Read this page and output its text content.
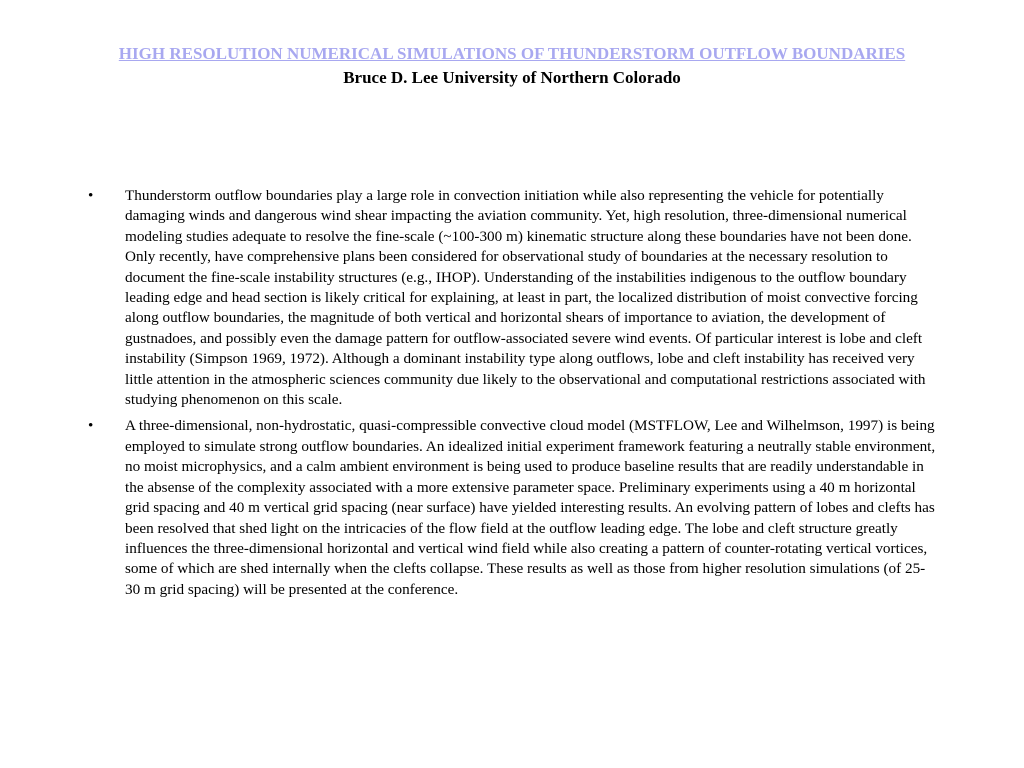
HIGH RESOLUTION NUMERICAL SIMULATIONS OF THUNDERSTORM OUTFLOW BOUNDARIES
Bruce D. Lee University of Northern Colorado
• Thunderstorm outflow boundaries play a large role in convection initiation while also representing the vehicle for potentially damaging winds and dangerous wind shear impacting the aviation community. Yet, high resolution, three-dimensional numerical modeling studies adequate to resolve the fine-scale (~100-300 m) kinematic structure along these boundaries have not been done. Only recently, have comprehensive plans been considered for observational study of boundaries at the necessary resolution to document the fine-scale instability structures (e.g., IHOP). Understanding of the instabilities indigenous to the outflow boundary leading edge and head section is likely critical for explaining, at least in part, the localized distribution of moist convective forcing along outflow boundaries, the magnitude of both vertical and horizontal shears of importance to aviation, the development of gustnadoes, and possibly even the damage pattern for outflow-associated severe wind events. Of particular interest is lobe and cleft instability (Simpson 1969, 1972). Although a dominant instability type along outflows, lobe and cleft instability has received very little attention in the atmospheric sciences community due likely to the observational and computational restrictions associated with studying phenomenon on this scale.
• A three-dimensional, non-hydrostatic, quasi-compressible convective cloud model (MSTFLOW, Lee and Wilhelmson, 1997) is being employed to simulate strong outflow boundaries. An idealized initial experiment framework featuring a neutrally stable environment, no moist microphysics, and a calm ambient environment is being used to produce baseline results that are readily understandable in the absense of the complexity associated with a more extensive parameter space. Preliminary experiments using a 40 m horizontal grid spacing and 40 m vertical grid spacing (near surface) have yielded interesting results. An evolving pattern of lobes and clefts has been resolved that shed light on the intricacies of the flow field at the outflow leading edge. The lobe and cleft structure greatly influences the three-dimensional horizontal and vertical wind field while also creating a pattern of counter-rotating vertical vortices, some of which are shed internally when the clefts collapse. These results as well as those from higher resolution simulations (of 25-30 m grid spacing) will be presented at the conference.
